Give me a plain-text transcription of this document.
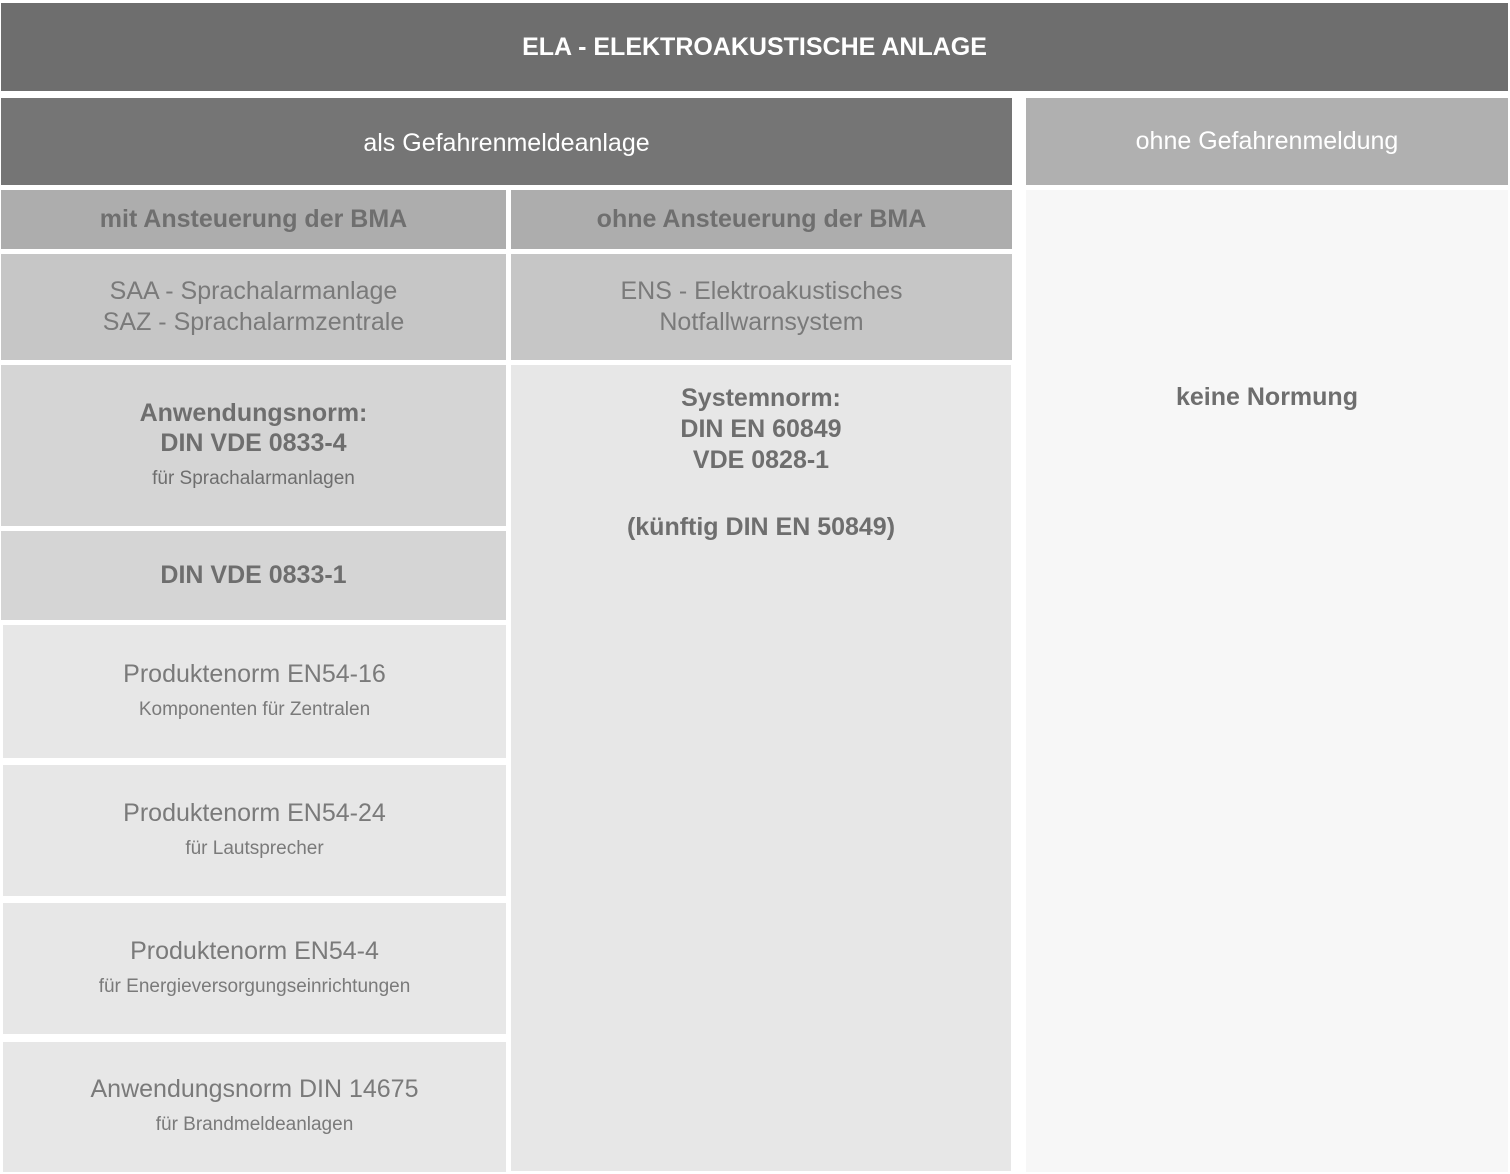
ELA - ELEKTROAKUSTISCHE ANLAGE
als Gefahrenmeldeanlage	ohne Gefahrenmeldung
mit Ansteuerung der BMA	ohne Ansteuerung der BMA
SAA - Sprachalarmanlage
SAZ - Sprachalarmzentrale
ENS - Elektroakustisches
Notfallwarnsystem
Anwendungsnorm:
DIN VDE 0833-4
für Sprachalarmanlagen
DIN VDE 0833-1
Produktenorm EN54-16
Komponenten für Zentralen
Produktenorm EN54-24
für Lautsprecher
Produktenorm EN54-4
für Energieversorgungseinrichtungen
Anwendungsnorm DIN 14675
für Brandmeldeanlagen
Systemnorm:
DIN EN 60849
VDE 0828-1
(künftig DIN EN 50849)
keine Normung
